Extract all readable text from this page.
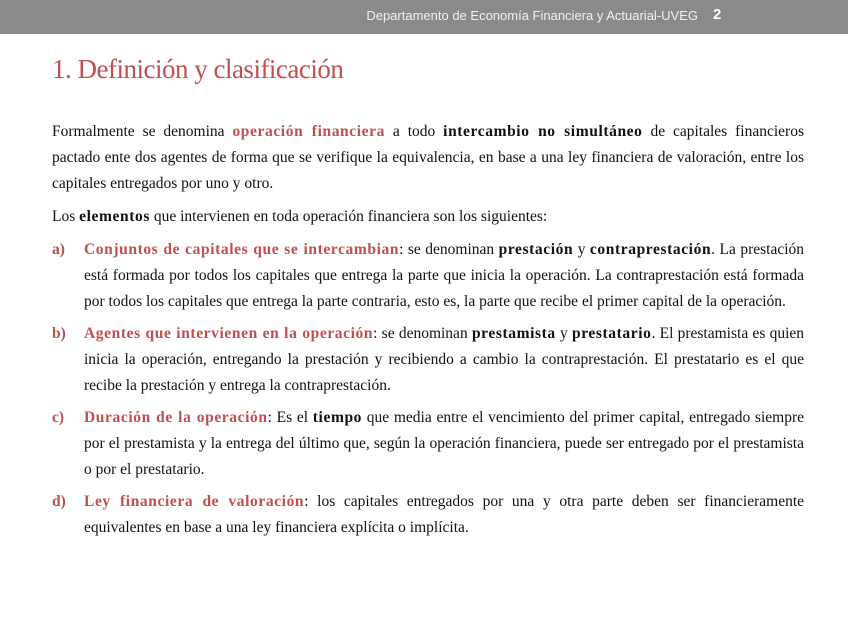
Departamento de Economía Financiera y Actuarial-UVEG 2
1. Definición y clasificación

Formalmente se denomina operación financiera a todo intercambio no simultáneo de capitales financieros pactado ente dos agentes de forma que se verifique la equivalencia, en base a una ley financiera de valoración, entre los capitales entregados por uno y otro.

Los elementos que intervienen en toda operación financiera son los siguientes:

a) Conjuntos de capitales que se intercambian: se denominan prestación y contraprestación. La prestación está formada por todos los capitales que entrega la parte que inicia la operación. La contraprestación está formada por todos los capitales que entrega la parte contraria, esto es, la parte que recibe el primer capital de la operación.
b) Agentes que intervienen en la operación: se denominan prestamista y prestatario. El prestamista es quien inicia la operación, entregando la prestación y recibiendo a cambio la contraprestación. El prestatario es el que recibe la prestación y entrega la contraprestación.
c) Duración de la operación: Es el tiempo que media entre el vencimiento del primer capital, entregado siempre por el prestamista y la entrega del último que, según la operación financiera, puede ser entregado por el prestamista o por el prestatario.
d) Ley financiera de valoración: los capitales entregados por una y otra parte deben ser financieramente equivalentes en base a una ley financiera explícita o implícita.
